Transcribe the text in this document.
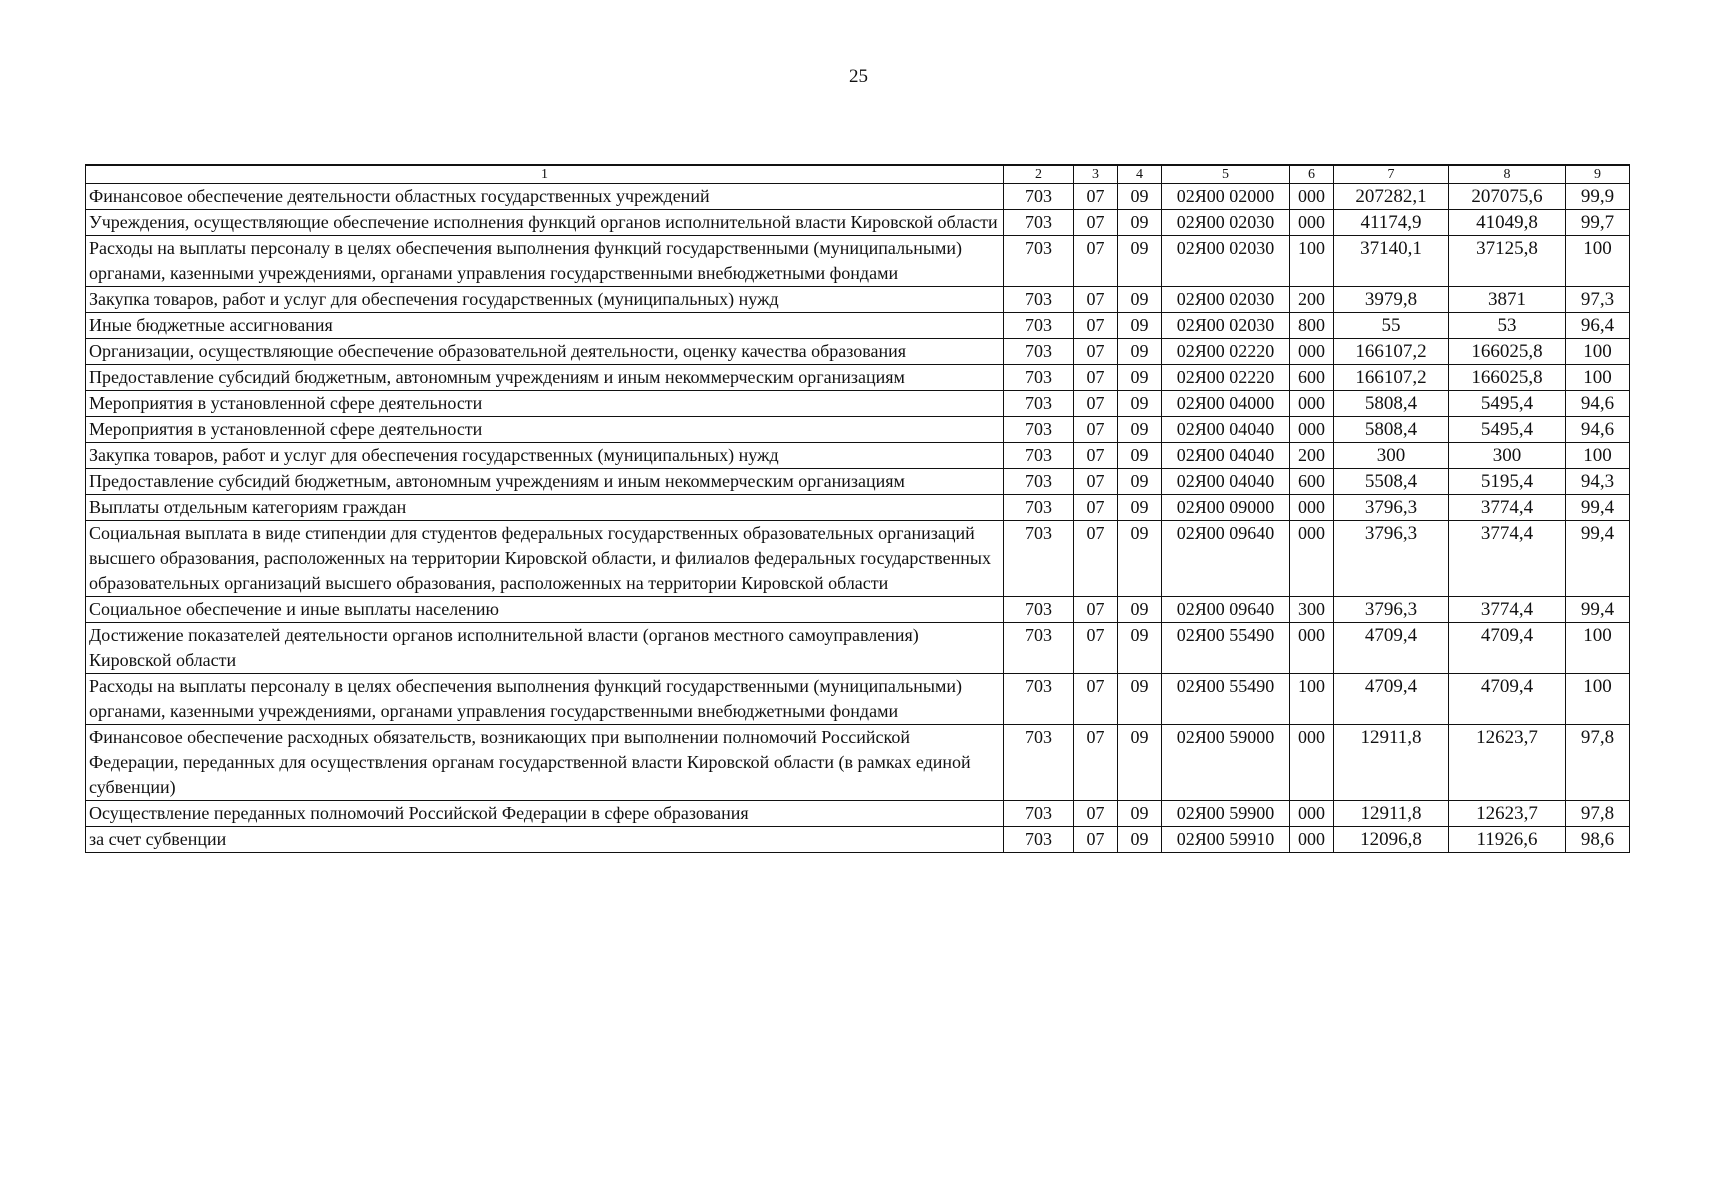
25
1	2	3	4	5	6	7	8	9
Финансовое обеспечение деятельности областных государственных учреждений	703	07	09	02Я00 02000	000	207282,1	207075,6	99,9
Учреждения, осуществляющие обеспечение исполнения функций органов исполнительной власти Кировской области	703	07	09	02Я00 02030	000	41174,9	41049,8	99,7
Расходы на выплаты персоналу в целях обеспечения выполнения функций государственными (муниципальными) органами, казенными учреждениями, органами управления государственными внебюджетными фондами	703	07	09	02Я00 02030	100	37140,1	37125,8	100
Закупка товаров, работ и услуг для обеспечения государственных (муниципальных) нужд	703	07	09	02Я00 02030	200	3979,8	3871	97,3
Иные бюджетные ассигнования	703	07	09	02Я00 02030	800	55	53	96,4
Организации, осуществляющие обеспечение образовательной деятельности, оценку качества образования	703	07	09	02Я00 02220	000	166107,2	166025,8	100
Предоставление субсидий бюджетным, автономным учреждениям и иным некоммерческим организациям	703	07	09	02Я00 02220	600	166107,2	166025,8	100
Мероприятия в установленной сфере деятельности	703	07	09	02Я00 04000	000	5808,4	5495,4	94,6
Мероприятия в установленной сфере деятельности	703	07	09	02Я00 04040	000	5808,4	5495,4	94,6
Закупка товаров, работ и услуг для обеспечения государственных (муниципальных) нужд	703	07	09	02Я00 04040	200	300	300	100
Предоставление субсидий бюджетным, автономным учреждениям и иным некоммерческим организациям	703	07	09	02Я00 04040	600	5508,4	5195,4	94,3
Выплаты отдельным категориям граждан	703	07	09	02Я00 09000	000	3796,3	3774,4	99,4
Социальная выплата в виде стипендии для студентов федеральных государственных образовательных организаций высшего образования, расположенных на территории Кировской области, и филиалов федеральных государственных образовательных организаций высшего образования, расположенных на территории Кировской области	703	07	09	02Я00 09640	000	3796,3	3774,4	99,4
Социальное обеспечение и иные выплаты населению	703	07	09	02Я00 09640	300	3796,3	3774,4	99,4
Достижение показателей деятельности органов исполнительной власти (органов местного самоуправления) Кировской области	703	07	09	02Я00 55490	000	4709,4	4709,4	100
Расходы на выплаты персоналу в целях обеспечения выполнения функций государственными (муниципальными) органами, казенными учреждениями, органами управления государственными внебюджетными фондами	703	07	09	02Я00 55490	100	4709,4	4709,4	100
Финансовое обеспечение расходных обязательств, возникающих при выполнении полномочий Российской Федерации, переданных для осуществления органам государственной власти Кировской области (в рамках единой субвенции)	703	07	09	02Я00 59000	000	12911,8	12623,7	97,8
Осуществление переданных полномочий Российской Федерации в сфере образования	703	07	09	02Я00 59900	000	12911,8	12623,7	97,8
за счет субвенции	703	07	09	02Я00 59910	000	12096,8	11926,6	98,6
